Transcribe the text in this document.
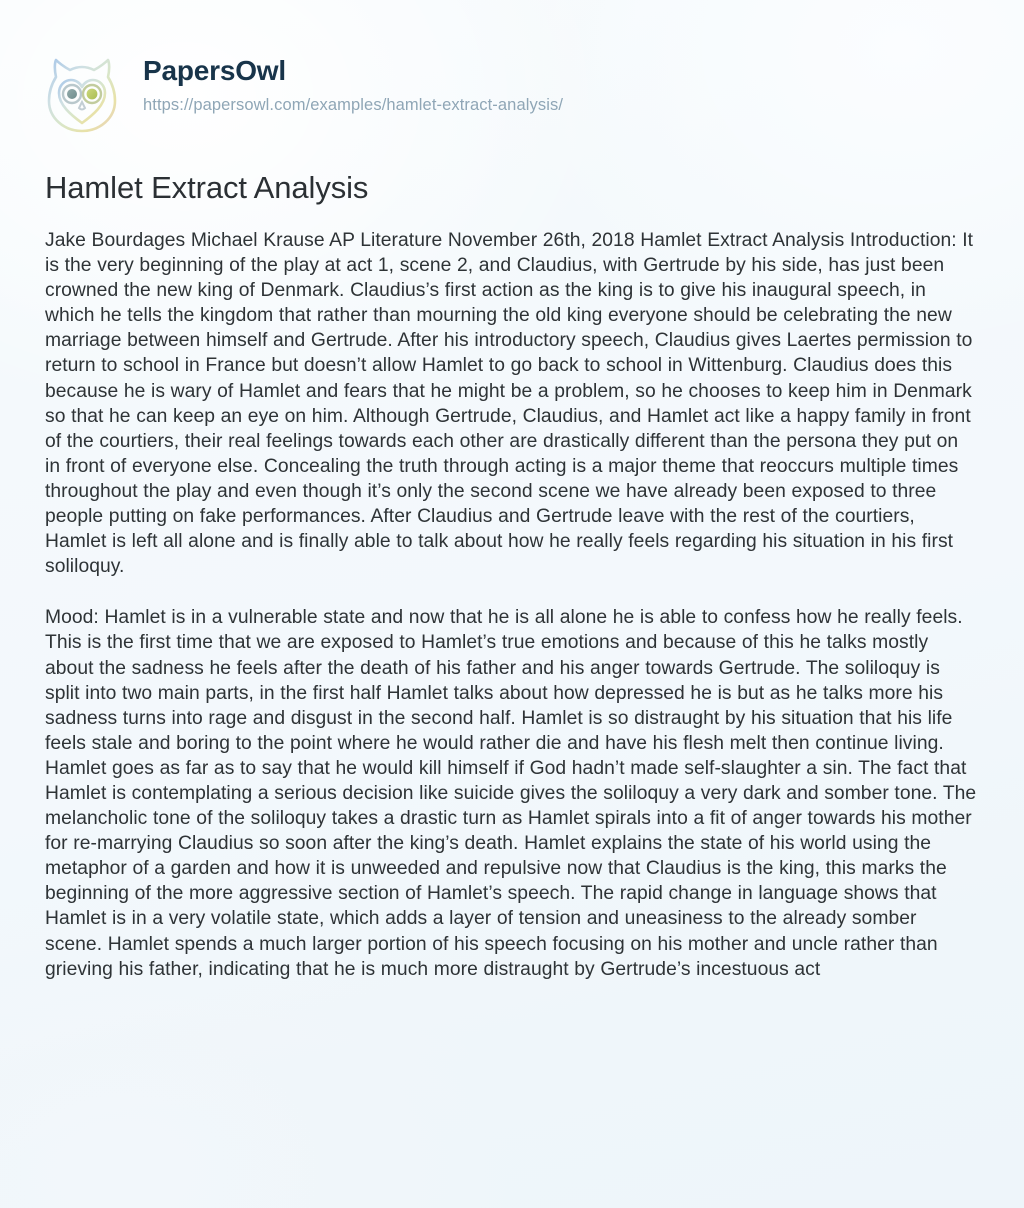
PapersOwl
https://papersowl.com/examples/hamlet-extract-analysis/
Hamlet Extract Analysis

Jake Bourdages Michael Krause AP Literature November 26th, 2018 Hamlet Extract Analysis Introduction: It is the very beginning of the play at act 1, scene 2, and Claudius, with Gertrude by his side, has just been crowned the new king of Denmark. Claudius’s first action as the king is to give his inaugural speech, in which he tells the kingdom that rather than mourning the old king everyone should be celebrating the new marriage between himself and Gertrude. After his introductory speech, Claudius gives Laertes permission to return to school in France but doesn’t allow Hamlet to go back to school in Wittenburg. Claudius does this because he is wary of Hamlet and fears that he might be a problem, so he chooses to keep him in Denmark so that he can keep an eye on him. Although Gertrude, Claudius, and Hamlet act like a happy family in front of the courtiers, their real feelings towards each other are drastically different than the persona they put on in front of everyone else. Concealing the truth through acting is a major theme that reoccurs multiple times throughout the play and even though it’s only the second scene we have already been exposed to three people putting on fake performances. After Claudius and Gertrude leave with the rest of the courtiers, Hamlet is left all alone and is finally able to talk about how he really feels regarding his situation in his first soliloquy.

Mood: Hamlet is in a vulnerable state and now that he is all alone he is able to confess how he really feels. This is the first time that we are exposed to Hamlet’s true emotions and because of this he talks mostly about the sadness he feels after the death of his father and his anger towards Gertrude. The soliloquy is split into two main parts, in the first half Hamlet talks about how depressed he is but as he talks more his sadness turns into rage and disgust in the second half. Hamlet is so distraught by his situation that his life feels stale and boring to the point where he would rather die and have his flesh melt then continue living. Hamlet goes as far as to say that he would kill himself if God hadn’t made self-slaughter a sin. The fact that Hamlet is contemplating a serious decision like suicide gives the soliloquy a very dark and somber tone. The melancholic tone of the soliloquy takes a drastic turn as Hamlet spirals into a fit of anger towards his mother for re-marrying Claudius so soon after the king’s death. Hamlet explains the state of his world using the metaphor of a garden and how it is unweeded and repulsive now that Claudius is the king, this marks the beginning of the more aggressive section of Hamlet’s speech. The rapid change in language shows that Hamlet is in a very volatile state, which adds a layer of tension and uneasiness to the already somber scene. Hamlet spends a much larger portion of his speech focusing on his mother and uncle rather than grieving his father, indicating that he is much more distraught by Gertrude’s incestuous act
